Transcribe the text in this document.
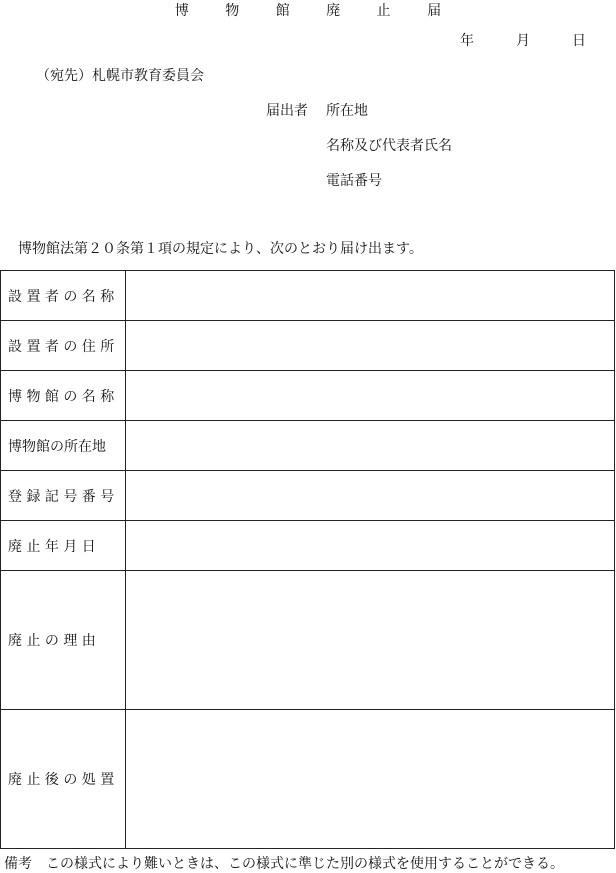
博 物 館 廃 止 届
年	月	日
（宛先）札幌市教育委員会
届出者 所在地
名称及び代表者氏名
電話番号
博物館法第２０条第１項の規定により、次のとおり届け出ます。
設 置 者 の 名 称	
設 置 者 の 住 所	
博 物 館 の 名 称	
博物館の所在地	
登 録 記 号 番 号	
廃 止 年 月 日	
廃 止 の 理 由	
廃 止 後 の 処 置	
備考　この様式により難いときは、この様式に準じた別の様式を使用することができる。
